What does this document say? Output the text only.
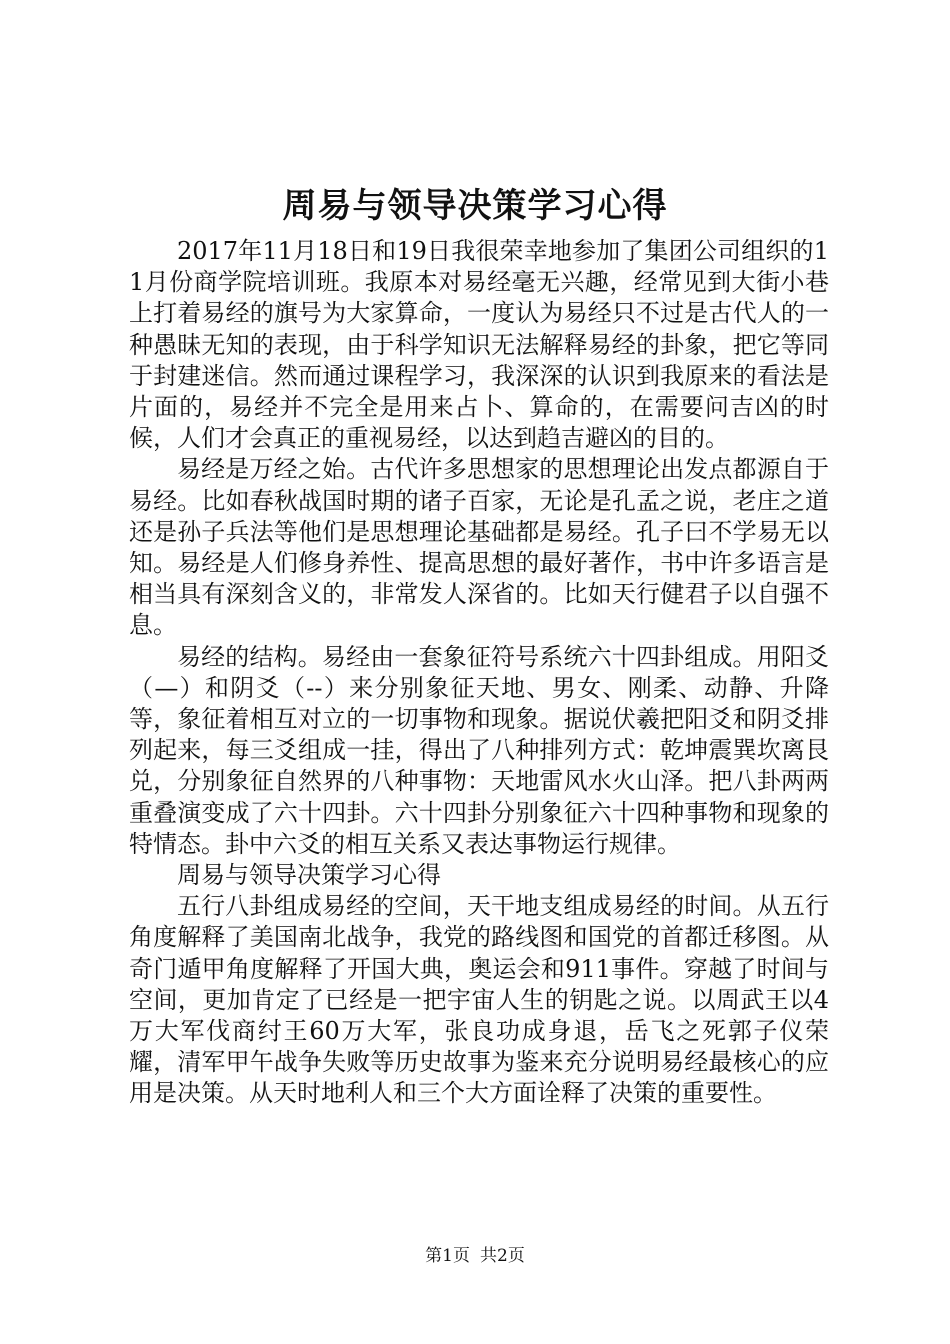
周易与领导决策学习心得

2017年11月18日和19日我很荣幸地参加了集团公司组织的11月份商学院培训班。我原本对易经毫无兴趣，经常见到大街小巷上打着易经的旗号为大家算命，一度认为易经只不过是古代人的一种愚昧无知的表现，由于科学知识无法解释易经的卦象，把它等同于封建迷信。然而通过课程学习，我深深的认识到我原来的看法是片面的，易经并不完全是用来占卜、算命的，在需要问吉凶的时候，人们才会真正的重视易经，以达到趋吉避凶的目的。

易经是万经之始。古代许多思想家的思想理论出发点都源自于易经。比如春秋战国时期的诸子百家，无论是孔孟之说，老庄之道还是孙子兵法等他们是思想理论基础都是易经。孔子曰不学易无以知。易经是人们修身养性、提高思想的最好著作，书中许多语言是相当具有深刻含义的，非常发人深省的。比如天行健君子以自强不息。

易经的结构。易经由一套象征符号系统六十四卦组成。用阳爻（—）和阴爻（--）来分别象征天地、男女、刚柔、动静、升降等，象征着相互对立的一切事物和现象。据说伏羲把阳爻和阴爻排列起来，每三爻组成一挂，得出了八种排列方式：乾坤震巽坎离艮兑，分别象征自然界的八种事物：天地雷风水火山泽。把八卦两两重叠演变成了六十四卦。六十四卦分别象征六十四种事物和现象的特情态。卦中六爻的相互关系又表达事物运行规律。

周易与领导决策学习心得

五行八卦组成易经的空间，天干地支组成易经的时间。从五行角度解释了美国南北战争，我党的路线图和国党的首都迁移图。从奇门遁甲角度解释了开国大典，奥运会和911事件。穿越了时间与空间，更加肯定了已经是一把宇宙人生的钥匙之说。以周武王以4万大军伐商纣王60万大军，张良功成身退，岳飞之死郭子仪荣耀，清军甲午战争失败等历史故事为鉴来充分说明易经最核心的应用是决策。从天时地利人和三个大方面诠释了决策的重要性。

第1页 共2页
